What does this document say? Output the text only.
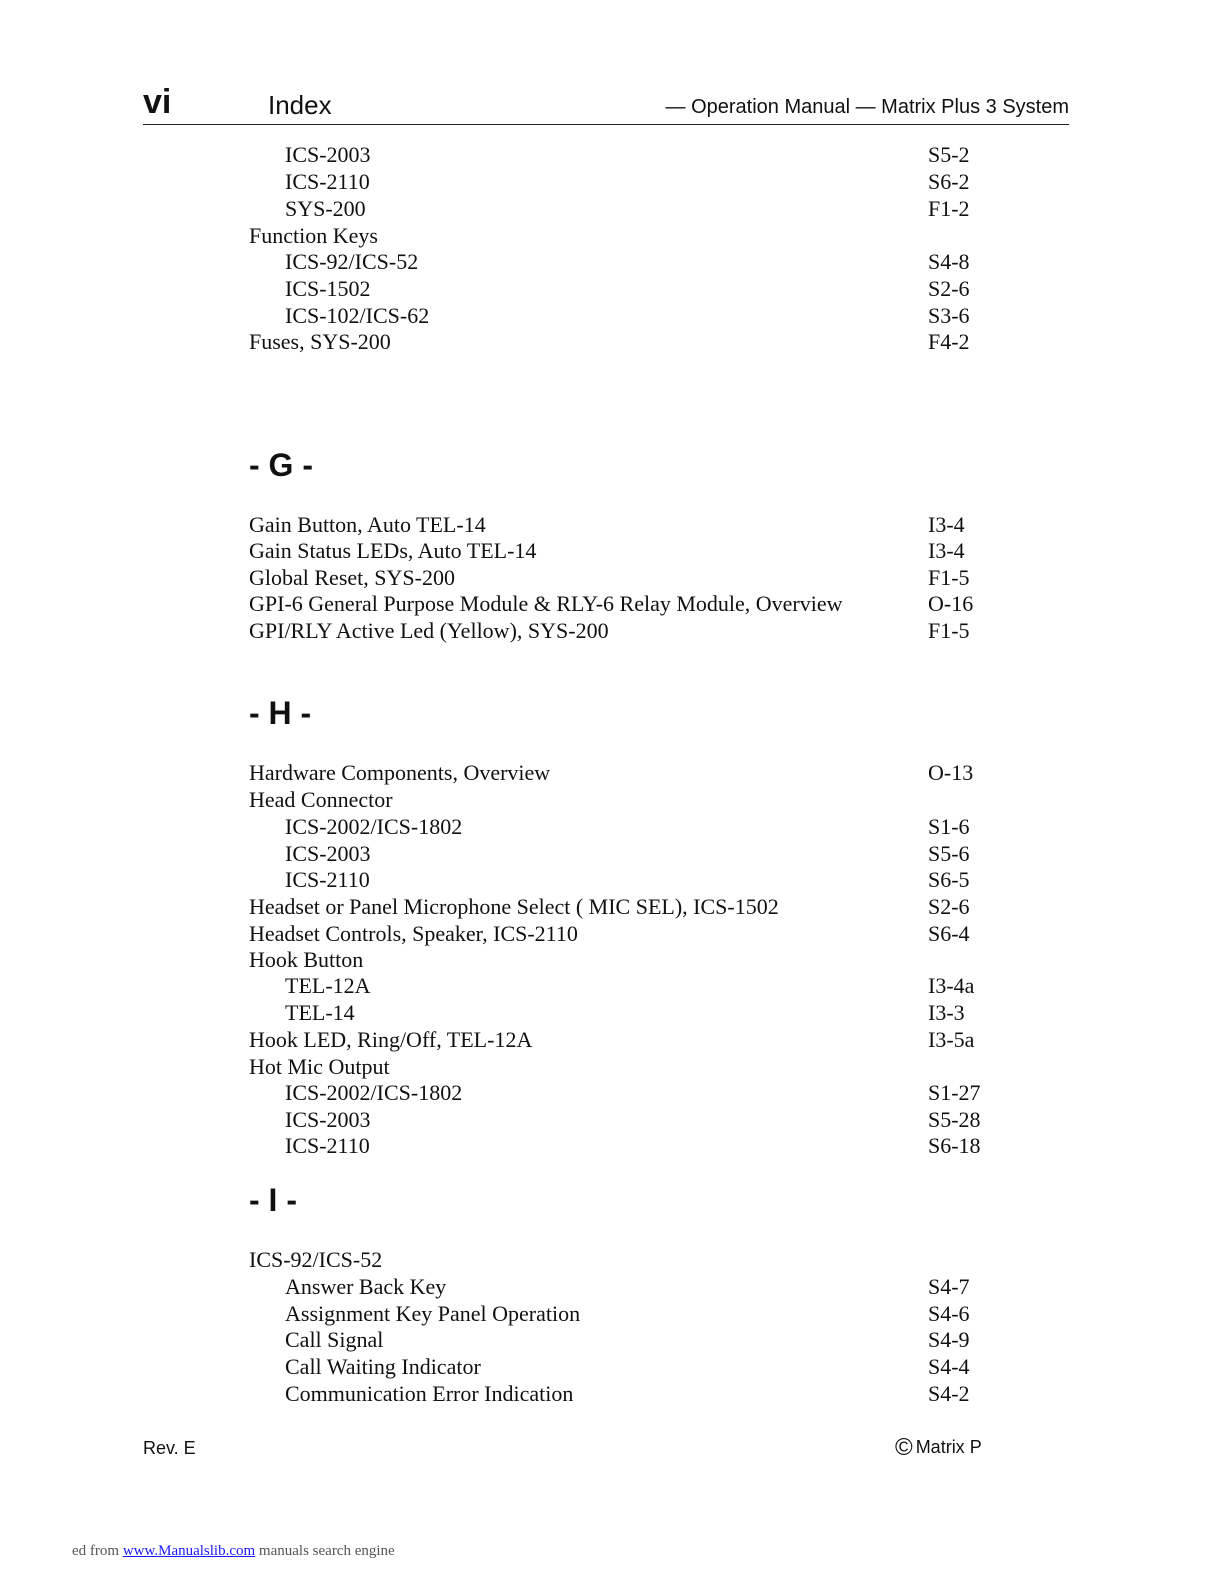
vi	Index	— Operation Manual — Matrix Plus 3 System
ICS-2003	S5-2
ICS-2110	S6-2
SYS-200	F1-2
Function Keys
ICS-92/ICS-52	S4-8
ICS-1502	S2-6
ICS-102/ICS-62	S3-6
Fuses, SYS-200	F4-2
- G -
Gain Button, Auto TEL-14	I3-4
Gain Status LEDs, Auto TEL-14	I3-4
Global Reset, SYS-200	F1-5
GPI-6 General Purpose Module & RLY-6 Relay Module, Overview	O-16
GPI/RLY Active Led (Yellow), SYS-200	F1-5
- H -
Hardware Components, Overview	O-13
Head Connector
ICS-2002/ICS-1802	S1-6
ICS-2003	S5-6
ICS-2110	S6-5
Headset or Panel Microphone Select ( MIC SEL), ICS-1502	S2-6
Headset Controls, Speaker, ICS-2110	S6-4
Hook Button
TEL-12A	I3-4a
TEL-14	I3-3
Hook LED, Ring/Off, TEL-12A	I3-5a
Hot Mic Output
ICS-2002/ICS-1802	S1-27
ICS-2003	S5-28
ICS-2110	S6-18
- I -
ICS-92/ICS-52
Answer Back Key	S4-7
Assignment Key Panel Operation	S4-6
Call Signal	S4-9
Call Waiting Indicator	S4-4
Communication Error Indication	S4-2
Rev. E	© Matrix P
ed from www.Manualslib.com manuals search engine
